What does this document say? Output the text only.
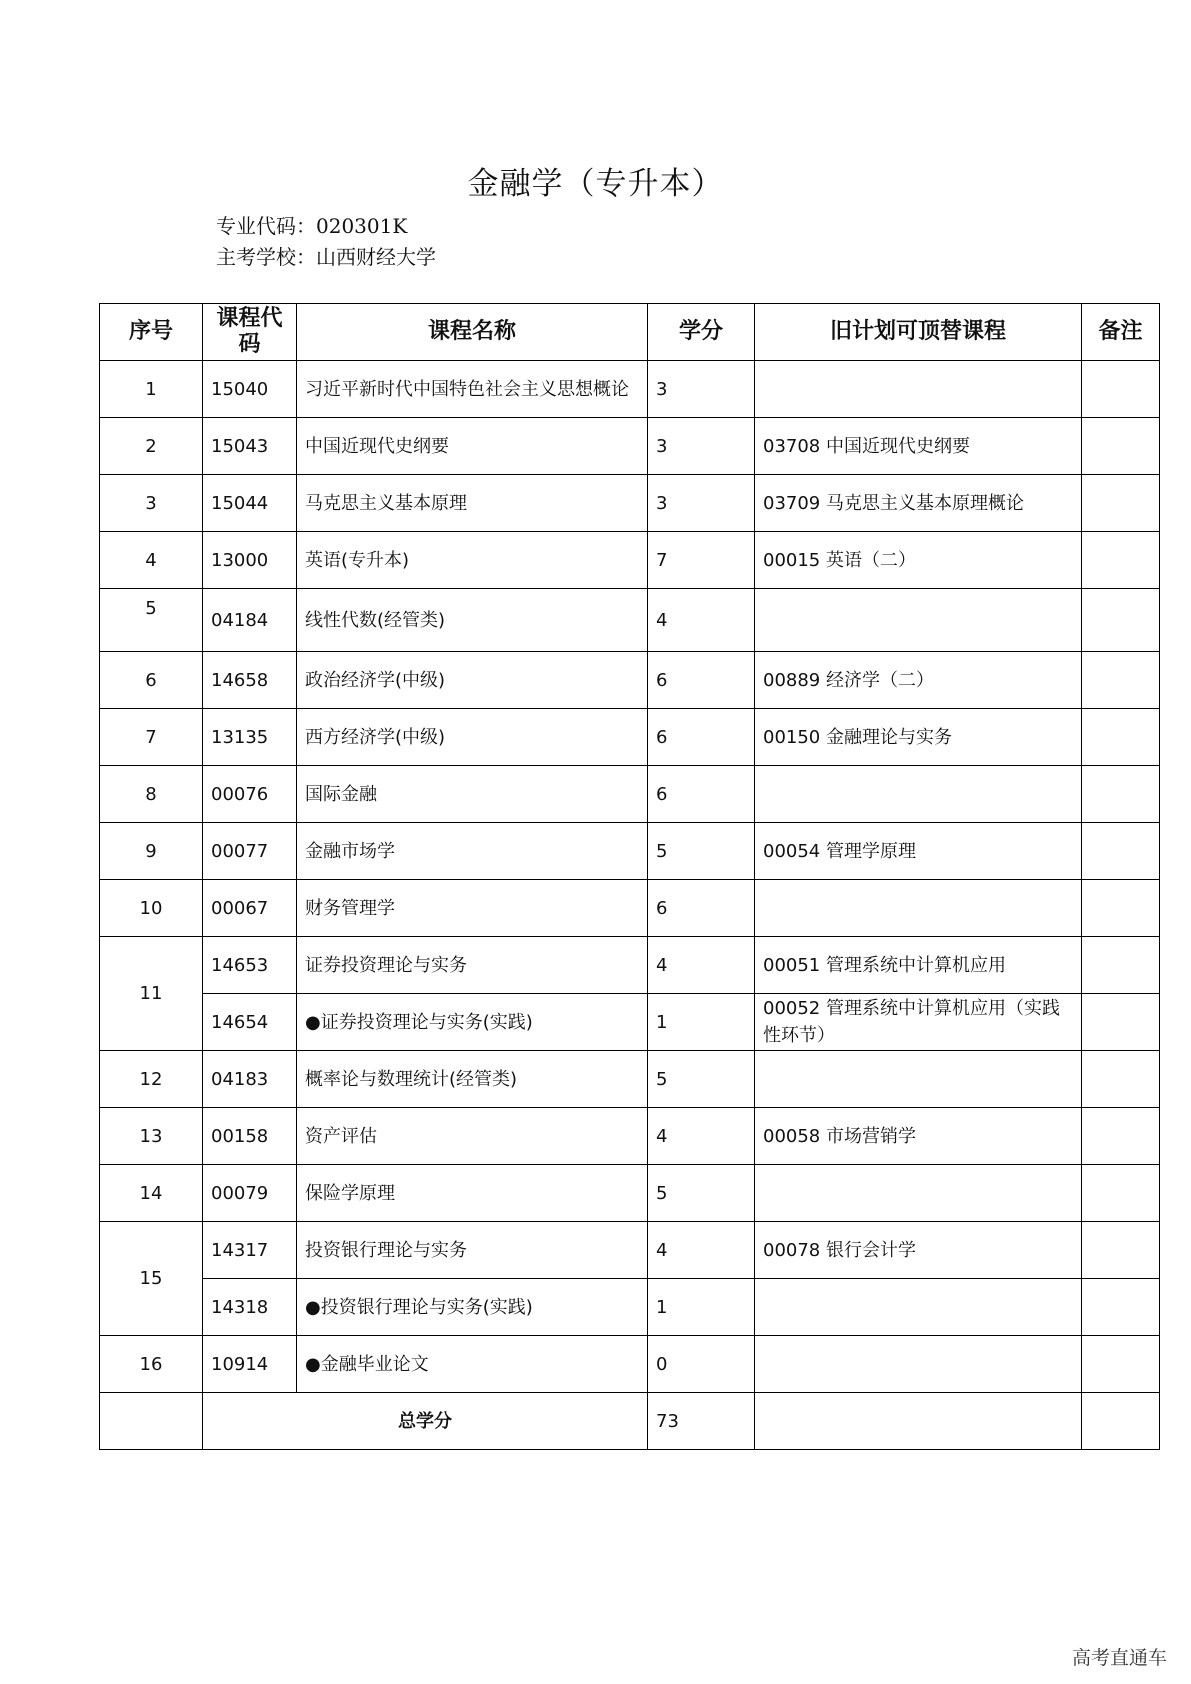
金融学（专升本）
专业代码：020301K
主考学校：山西财经大学
序号	课程代码	课程名称	学分	旧计划可顶替课程	备注
1	15040	习近平新时代中国特色社会主义思想概论	3		
2	15043	中国近现代史纲要	3	03708 中国近现代史纲要	
3	15044	马克思主义基本原理	3	03709 马克思主义基本原理概论	
4	13000	英语(专升本)	7	00015 英语（二）	
5	04184	线性代数(经管类)	4		
6	14658	政治经济学(中级)	6	00889 经济学（二）	
7	13135	西方经济学(中级)	6	00150 金融理论与实务	
8	00076	国际金融	6		
9	00077	金融市场学	5	00054 管理学原理	
10	00067	财务管理学	6		
11	14653	证券投资理论与实务	4	00051 管理系统中计算机应用	
	14654	●证券投资理论与实务(实践)	1	00052 管理系统中计算机应用（实践性环节）	
12	04183	概率论与数理统计(经管类)	5		
13	00158	资产评估	4	00058 市场营销学	
14	00079	保险学原理	5		
15	14317	投资银行理论与实务	4	00078 银行会计学	
	14318	●投资银行理论与实务(实践)	1		
16	10914	●金融毕业论文	0		
	总学分		73		
高考直通车
